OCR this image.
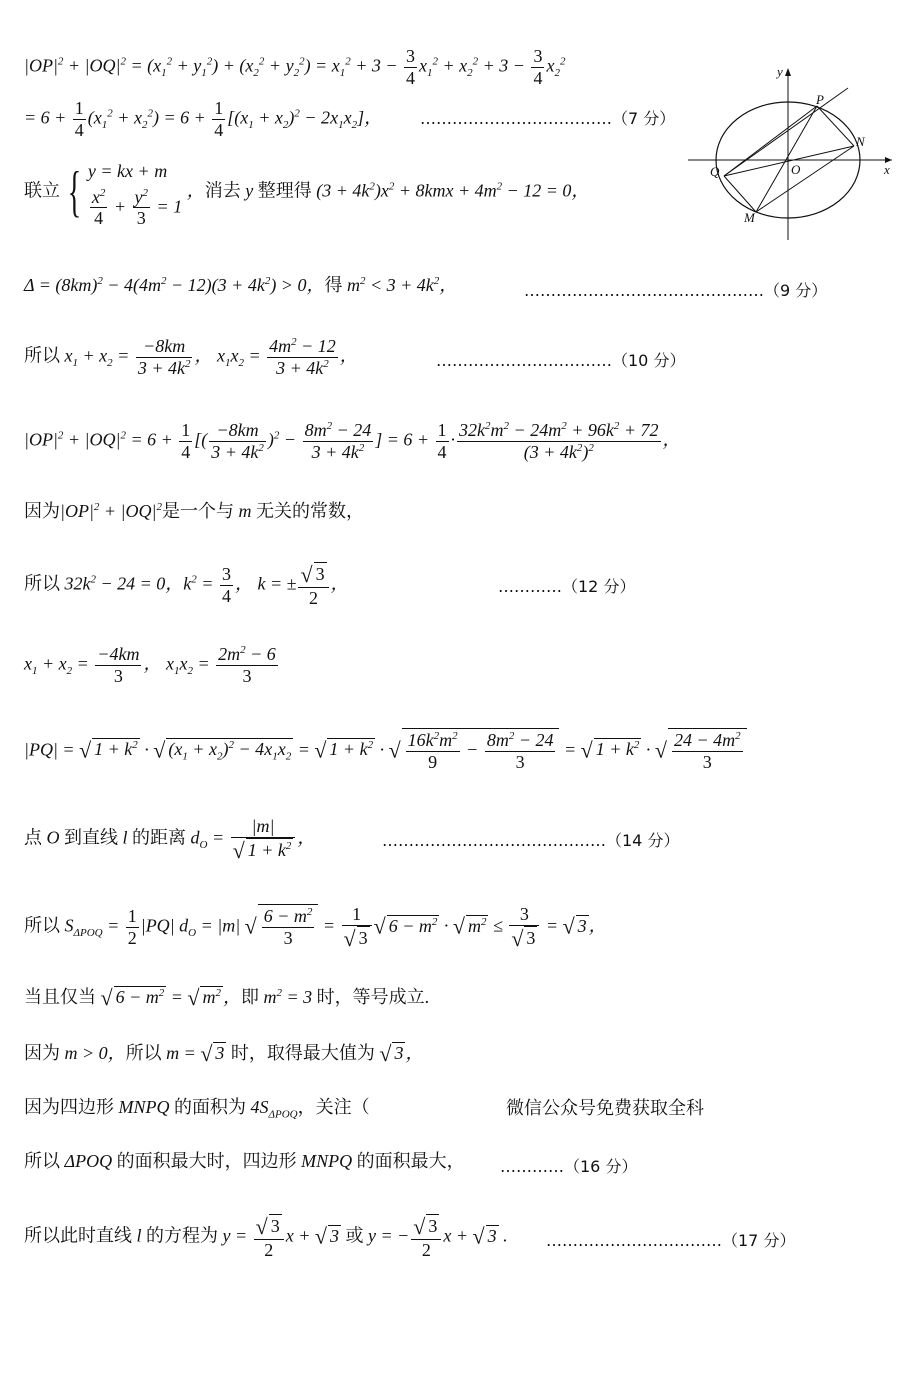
$|OP|^2 + |OQ|^2 = (x_1^2 + y_1^2) + (x_2^2 + y_2^2) = x_1^2 + 3 - \frac{3}{4} x_1^2 + x_2^2 + 3 - \frac{3}{4} x_2^2$
= $6 + \frac{1}{4} (x_1^2 + x_2^2) = 6 + \frac{1}{4} [(x_1 + x_2)^2 - 2x_1x_2]$， ………………………………（7 分）
y
x
P
N
O
Q
M
联立 { y = kx + m
$\frac{x^2}{4} + \frac{y^2}{3} = 1$
，消去 y 整理得 $(3 + 4k^2)x^2 + 8kmx + 4m^2 - 12 = 0$，
$\Delta = (8km)^2 - 4(4m^2 - 12)(3 + 4k^2) > 0$，得 $m^2 < 3 + 4k^2$，	………………………………………（9 分）
所以 $x_1 + x_2 = \frac{-8km}{3 + 4k^2}$ ， $x_1x_2 = \frac{4m^2 - 12}{3 + 4k^2}$ ，	……………………………（10 分）
$|OP|^2 + |OQ|^2 = 6 + \frac{1}{4}$ [( $\frac{-8km}{3 + 4k^2} )^2 - \frac{8m^2 - 24}{3 + 4k^2}$ ] = $6 + \frac{1}{4} \cdot \frac{32k^2m^2 - 24m^2 + 96k^2 + 72}{(3 + 4k^2)^2}$ ，
因为$|OP|^2 + |OQ|^2$是一个与 m 无关的常数，
所以 $32k^2 - 24 = 0$，$k^2 = \frac{3}{4}$ ， k = ± $\frac{√ 3}{2}$ ，	…………（12 分）
$x_1 + x_2 = \frac{-4km}{3}$ ， $x_1x_2 = \frac{2m^2 - 6}{3}$
|PQ| = √ $1 + k^2$ · √ $(x_1 + x_2)^2 - 4x_1x_2$ = √ $1 + k^2$ · √ $\frac{16k^2m^2}{9} - \frac{8m^2 - 24}{3}$ = √ $1 + k^2$ · √ $\frac{24 - 4m^2}{3}$
点 O 到直线 l 的距离 $d_O = \frac{|m|}{√ 1 + k^2}$ ，	……………………………………（14 分）
所以 $S_{\Delta POQ} = \frac{1}{2} |PQ|$ $d_O = |m|$ √ $\frac{6 - m^2}{3} = \frac{1}{√ 3}$ √ $6 - m^2$ · √ $m^2 \le \frac{3}{√ 3}$ = √ 3 ，
当且仅当 √ $6 - m^2$ = √ $m^2$ ，即 $m^2 = 3$ 时，等号成立.
因为 m > 0，所以 m = √ 3 时，取得最大值为 √ 3 ，
因为四边形 MNPQ 的面积为 $4S_{\Delta POQ}$，关注（	微信公众号免费获取全科
所以 ΔPOQ 的面积最大时，四边形 MNPQ 的面积最大， …………（16 分）
所以此时直线 l 的方程为 $y = \frac{√ 3}{2}$ x + √ 3 或 y = − $\frac{√ 3}{2}$ x + √ 3 . ……………………………（17 分）
